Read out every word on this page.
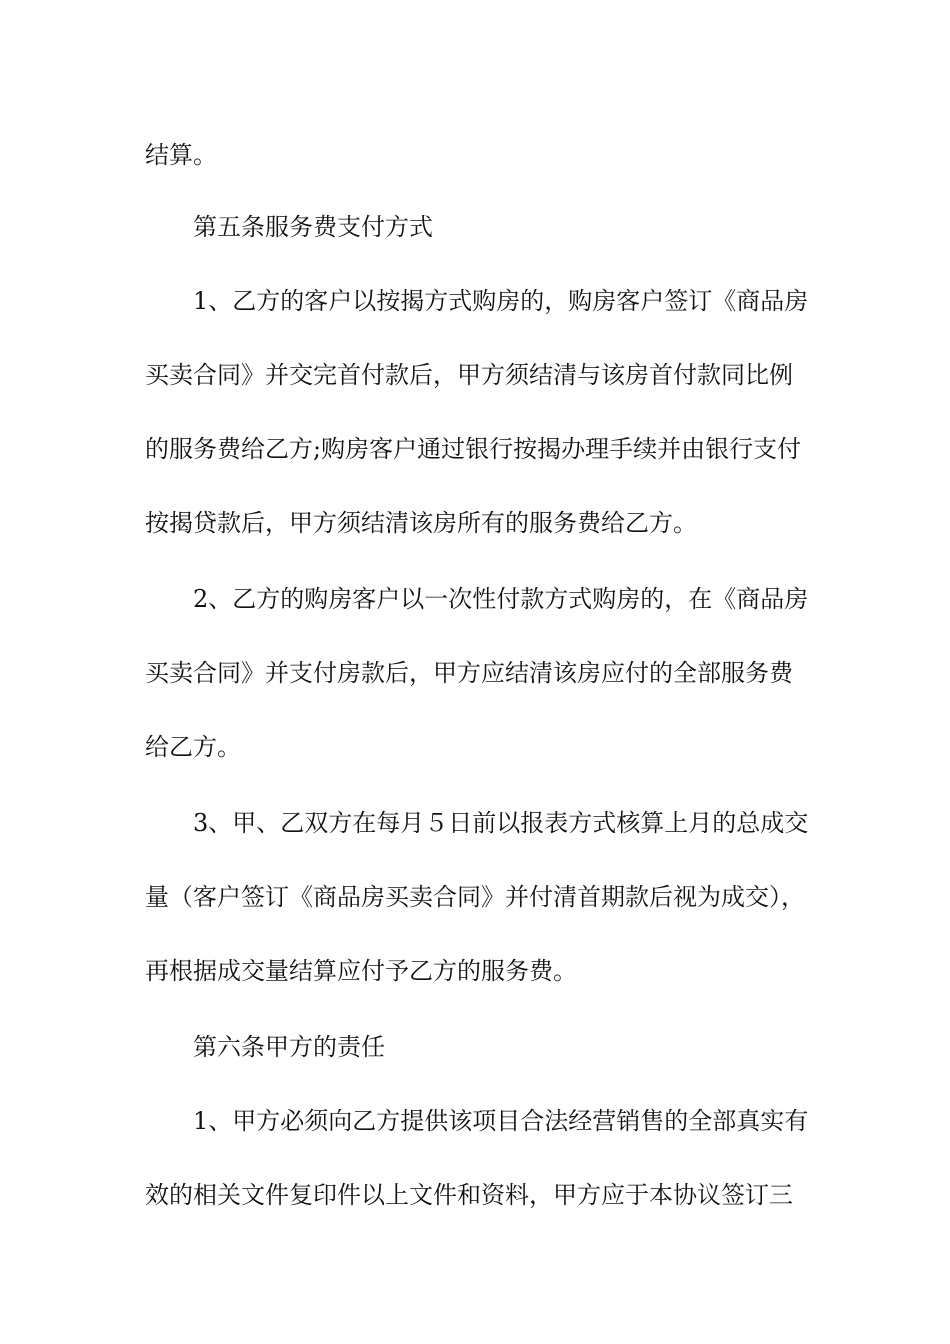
结算。
第五条服务费支付方式
1、乙方的客户以按揭方式购房的，购房客户签订《商品房
买卖合同》并交完首付款后，甲方须结清与该房首付款同比例
的服务费给乙方;购房客户通过银行按揭办理手续并由银行支付
按揭贷款后，甲方须结清该房所有的服务费给乙方。
2、乙方的购房客户以一次性付款方式购房的，在《商品房
买卖合同》并支付房款后，甲方应结清该房应付的全部服务费
给乙方。
3、甲、乙双方在每月５日前以报表方式核算上月的总成交
量（客户签订《商品房买卖合同》并付清首期款后视为成交），
再根据成交量结算应付予乙方的服务费。
第六条甲方的责任
1、甲方必须向乙方提供该项目合法经营销售的全部真实有
效的相关文件复印件以上文件和资料，甲方应于本协议签订三
